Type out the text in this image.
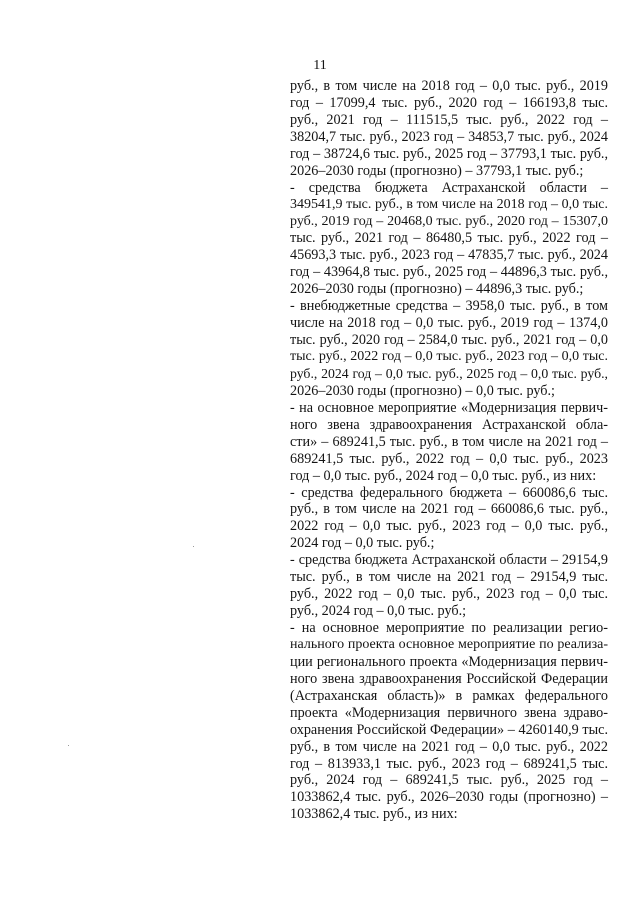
11
руб., в том числе на 2018 год – 0,0 тыс. руб., 2019
год – 17099,4 тыс. руб., 2020 год – 166193,8 тыс.
руб., 2021 год – 111515,5 тыс. руб., 2022 год –
38204,7 тыс. руб., 2023 год – 34853,7 тыс. руб., 2024
год – 38724,6 тыс. руб., 2025 год – 37793,1 тыс. руб.,
2026–2030 годы (прогнозно) – 37793,1 тыс. руб.;
- средства бюджета Астраханской области –
349541,9 тыс. руб., в том числе на 2018 год – 0,0 тыс.
руб., 2019 год – 20468,0 тыс. руб., 2020 год – 15307,0
тыс. руб., 2021 год – 86480,5 тыс. руб., 2022 год –
45693,3 тыс. руб., 2023 год – 47835,7 тыс. руб., 2024
год – 43964,8 тыс. руб., 2025 год – 44896,3 тыс. руб.,
2026–2030 годы (прогнозно) – 44896,3 тыс. руб.;
- внебюджетные средства – 3958,0 тыс. руб., в том
числе на 2018 год – 0,0 тыс. руб., 2019 год – 1374,0
тыс. руб., 2020 год – 2584,0 тыс. руб., 2021 год – 0,0
тыс. руб., 2022 год – 0,0 тыс. руб., 2023 год – 0,0 тыс.
руб., 2024 год – 0,0 тыс. руб., 2025 год – 0,0 тыс. руб.,
2026–2030 годы (прогнозно) – 0,0 тыс. руб.;
- на основное мероприятие «Модернизация первич-
ного звена здравоохранения Астраханской обла-
сти» – 689241,5 тыс. руб., в том числе на 2021 год –
689241,5 тыс. руб., 2022 год – 0,0 тыс. руб., 2023
год – 0,0 тыс. руб., 2024 год – 0,0 тыс. руб., из них:
- средства федерального бюджета – 660086,6 тыс.
руб., в том числе на 2021 год – 660086,6 тыс. руб.,
2022 год – 0,0 тыс. руб., 2023 год – 0,0 тыс. руб.,
2024 год – 0,0 тыс. руб.;
- средства бюджета Астраханской области – 29154,9
тыс. руб., в том числе на 2021 год – 29154,9 тыс.
руб., 2022 год – 0,0 тыс. руб., 2023 год – 0,0 тыс.
руб., 2024 год – 0,0 тыс. руб.;
- на основное мероприятие по реализации регио-
нального проекта основное мероприятие по реализа-
ции регионального проекта «Модернизация первич-
ного звена здравоохранения Российской Федерации
(Астраханская область)» в рамках федерального
проекта «Модернизация первичного звена здраво-
охранения Российской Федерации» – 4260140,9 тыс.
руб., в том числе на 2021 год – 0,0 тыс. руб., 2022
год – 813933,1 тыс. руб., 2023 год – 689241,5 тыс.
руб., 2024 год – 689241,5 тыс. руб., 2025 год –
1033862,4 тыс. руб., 2026–2030 годы (прогнозно) –
1033862,4 тыс. руб., из них:
